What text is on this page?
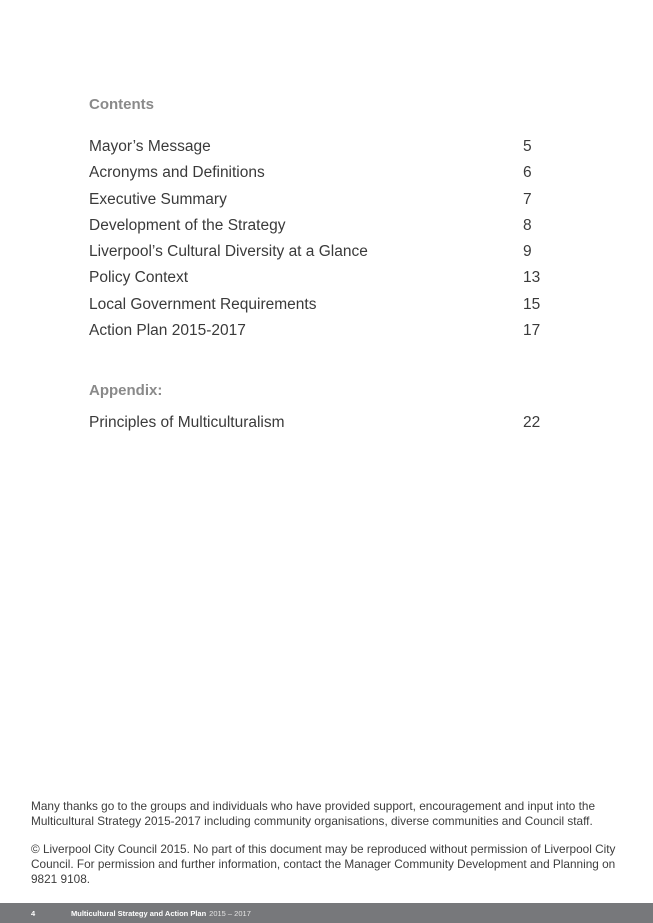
Contents
Mayor’s Message	5
Acronyms and Definitions	6
Executive Summary	7
Development of the Strategy	8
Liverpool’s Cultural Diversity at a Glance	9
Policy Context	13
Local Government Requirements	15
Action Plan 2015-2017	17
Appendix:
Principles of Multiculturalism	22
Many thanks go to the groups and individuals who have provided support, encouragement and input into the Multicultural Strategy 2015-2017 including community organisations, diverse communities and Council staff.
© Liverpool City Council 2015. No part of this document may be reproduced without permission of Liverpool City Council. For permission and further information, contact the Manager Community Development and Planning on 9821 9108.
4	Multicultural Strategy and Action Plan 2015 – 2017
